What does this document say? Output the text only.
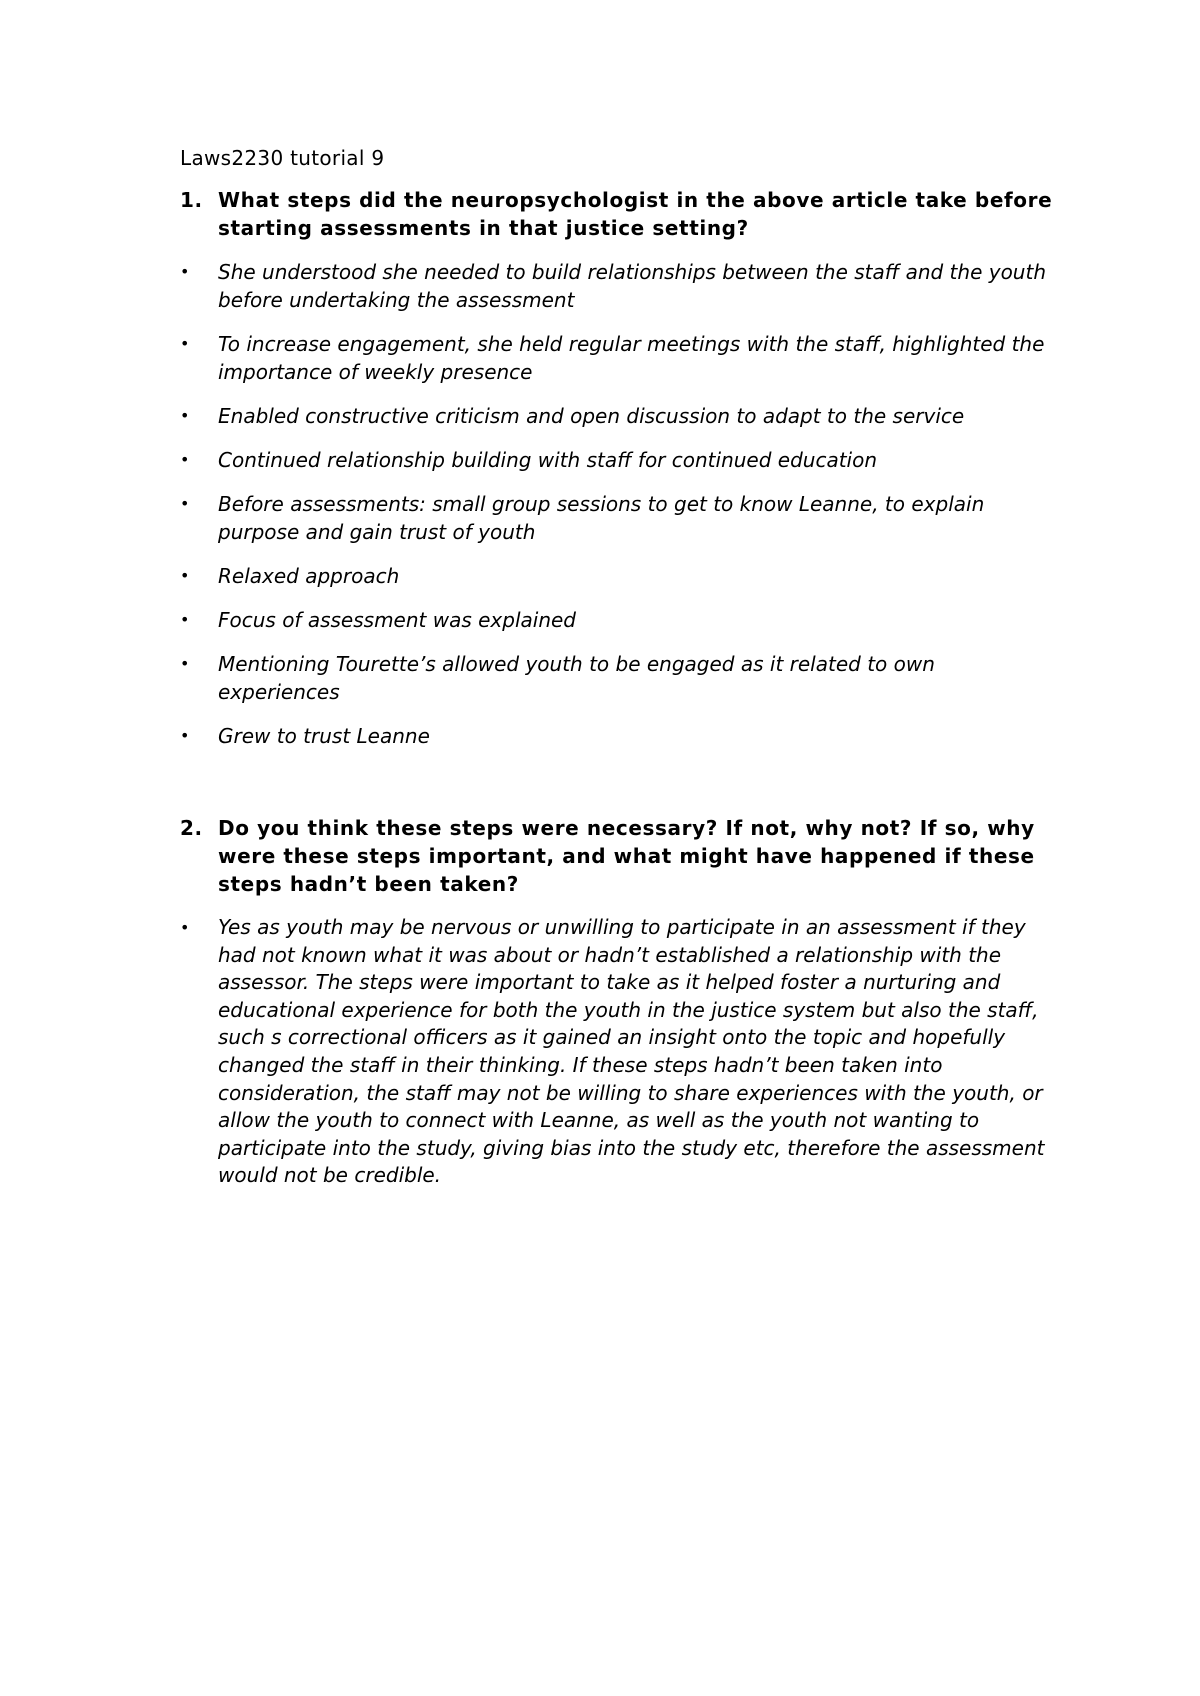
Laws2230 tutorial 9
1. What steps did the neuropsychologist in the above article take before starting assessments in that justice setting?
•	She understood she needed to build relationships between the staff and the youth before undertaking the assessment
•	To increase engagement, she held regular meetings with the staff, highlighted the importance of weekly presence
•	Enabled constructive criticism and open discussion to adapt to the service
•	Continued relationship building with staff for continued education
•	Before assessments: small group sessions to get to know Leanne, to explain purpose and gain trust of youth
•	Relaxed approach
•	Focus of assessment was explained
•	Mentioning Tourette’s allowed youth to be engaged as it related to own experiences
•	Grew to trust Leanne
2. Do you think these steps were necessary? If not, why not? If so, why were these steps important, and what might have happened if these steps hadn’t been taken?
•	Yes as youth may be nervous or unwilling to participate in an assessment if they had not known what it was about or hadn’t established a relationship with the assessor. The steps were important to take as it helped foster a nurturing and educational experience for both the youth in the justice system but also the staff, such s correctional officers as it gained an insight onto the topic and hopefully changed the staff in their thinking. If these steps hadn’t been taken into consideration, the staff may not be willing to share experiences with the youth, or allow the youth to connect with Leanne, as well as the youth not wanting to participate into the study, giving bias into the study etc, therefore the assessment would not be credible.
